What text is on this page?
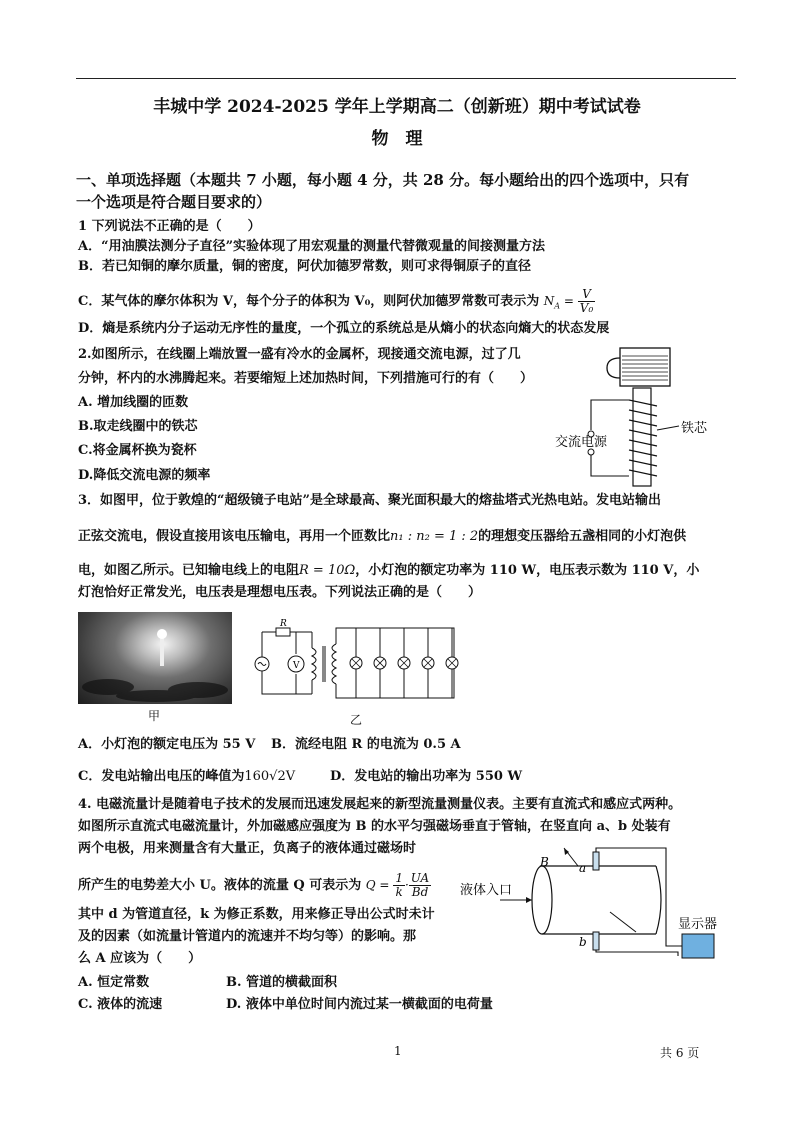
丰城中学 2024-2025 学年上学期高二（创新班）期中考试试卷
物　理
一、单项选择题（本题共 7 小题，每小题 4 分，共 28 分。每小题给出的四个选项中，只有
一个选项是符合题目要求的）
1 下列说法不正确的是（　　）
A．“用油膜法测分子直径”实验体现了用宏观量的测量代替微观量的间接测量方法
B．若已知铜的摩尔质量，铜的密度，阿伏加德罗常数，则可求得铜原子的直径
C．某气体的摩尔体积为 V，每个分子的体积为 V₀，则阿伏加德罗常数可表示为 $N_A = \frac{V}{\text{V₀}}$
D．熵是系统内分子运动无序性的量度，一个孤立的系统总是从熵小的状态向熵大的状态发展
2.如图所示，在线圈上端放置一盛有冷水的金属杯，现接通交流电源，过了几
分钟，杯内的水沸腾起来。若要缩短上述加热时间，下列措施可行的有（　　）
A. 增加线圈的匝数
B.取走线圈中的铁芯
C.将金属杯换为瓷杯
D.降低交流电源的频率
交流电源
铁芯
3．如图甲，位于敦煌的“超级镜子电站”是全球最高、聚光面积最大的熔盐塔式光热电站。发电站输出
正弦交流电，假设直接用该电压输电，再用一个匝数比n₁ : n₂ = 1 : 2的理想变压器给五盏相同的小灯泡供
电，如图乙所示。已知输电线上的电阻R = 10Ω，小灯泡的额定功率为 110 W，电压表示数为 110 V，小
灯泡恰好正常发光，电压表是理想电压表。下列说法正确的是（　　）
甲
R
V
乙
A．小灯泡的额定电压为 55 V B．流经电阻 R 的电流为 0.5 A
C．发电站输出电压的峰值为160√2V	D．发电站的输出功率为 550 W
4. 电磁流量计是随着电子技术的发展而迅速发展起来的新型流量测量仪表。主要有直流式和感应式两种。
如图所示直流式电磁流量计，外加磁感应强度为 B 的水平匀强磁场垂直于管轴，在竖直向 a、b 处装有
两个电极，用来测量含有大量正，负离子的液体通过磁场时
所产生的电势差大小 U。液体的流量 Q 可表示为 $Q = \frac{1}{k} \cdot \frac{UA}{Bd}$
其中 d 为管道直径，k 为修正系数，用来修正导出公式时未计
及的因素（如流量计管道内的流速并不均匀等）的影响。那
么 A 应该为（　　）
A. 恒定常数	B. 管道的横截面积
C. 液体的流速	D. 液体中单位时间内流过某一横截面的电荷量
液体入口
显示器
B	a
b
1	共 6 页
